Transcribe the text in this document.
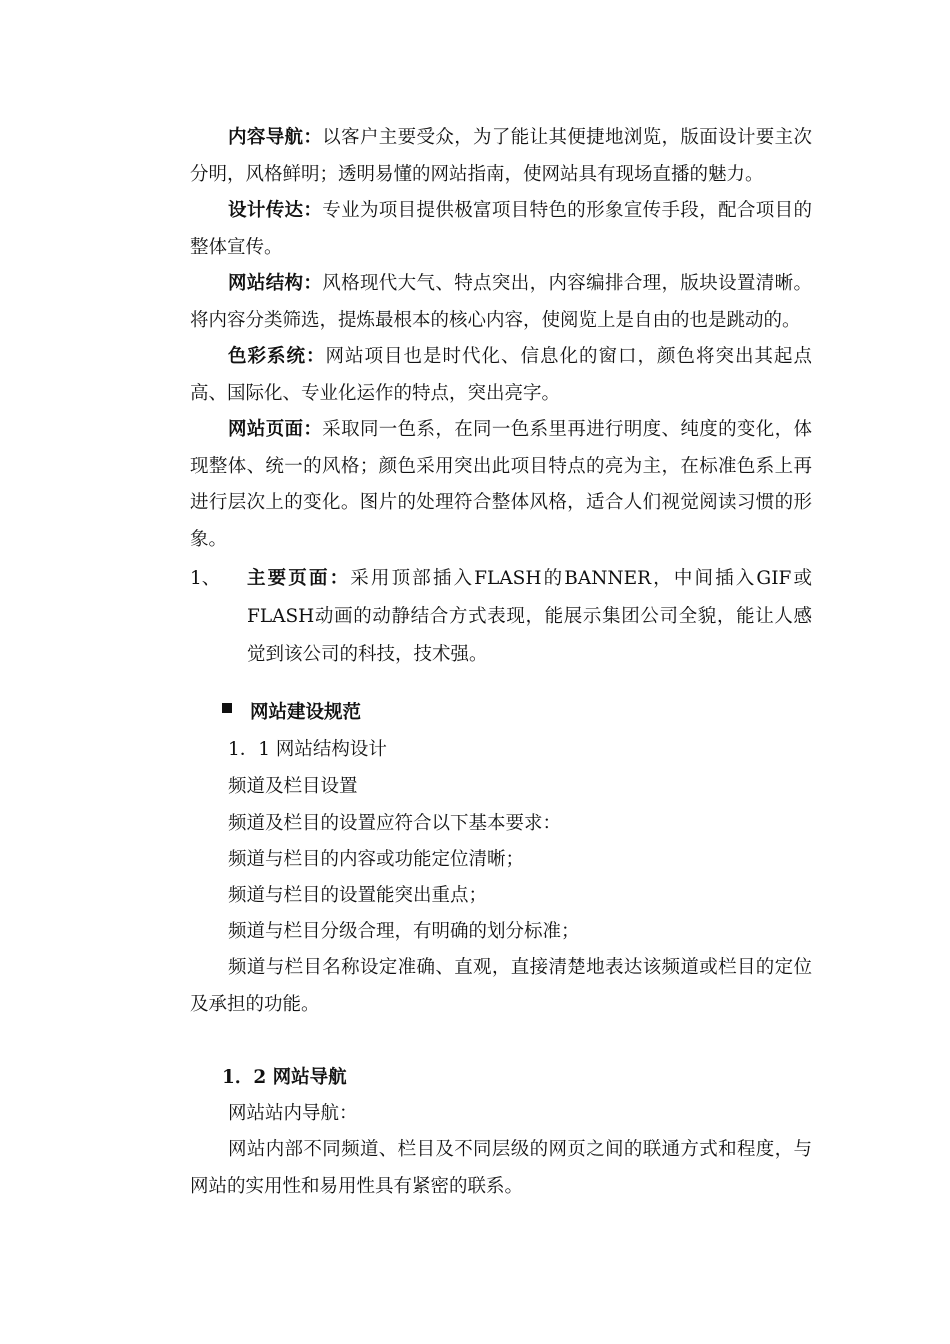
内容导航：以客户主要受众，为了能让其便捷地浏览，版面设计要主次分明，风格鲜明；透明易懂的网站指南，使网站具有现场直播的魅力。

设计传达：专业为项目提供极富项目特色的形象宣传手段，配合项目的整体宣传。

网站结构：风格现代大气、特点突出，内容编排合理，版块设置清晰。将内容分类筛选，提炼最根本的核心内容，使阅览上是自由的也是跳动的。

色彩系统：网站项目也是时代化、信息化的窗口，颜色将突出其起点高、国际化、专业化运作的特点，突出亮字。

网站页面：采取同一色系，在同一色系里再进行明度、纯度的变化，体现整体、统一的风格；颜色采用突出此项目特点的亮为主，在标准色系上再进行层次上的变化。图片的处理符合整体风格，适合人们视觉阅读习惯的形象。

1、 主要页面：采用顶部插入FLASH的BANNER，中间插入GIF或FLASH动画的动静结合方式表现，能展示集团公司全貌，能让人感觉到该公司的科技，技术强。
网站建设规范
1．1 网站结构设计
频道及栏目设置
频道及栏目的设置应符合以下基本要求：
频道与栏目的内容或功能定位清晰；
频道与栏目的设置能突出重点；
频道与栏目分级合理，有明确的划分标准；

频道与栏目名称设定准确、直观，直接清楚地表达该频道或栏目的定位及承担的功能。

1．2 网站导航
网站站内导航：

网站内部不同频道、栏目及不同层级的网页之间的联通方式和程度，与网站的实用性和易用性具有紧密的联系。
